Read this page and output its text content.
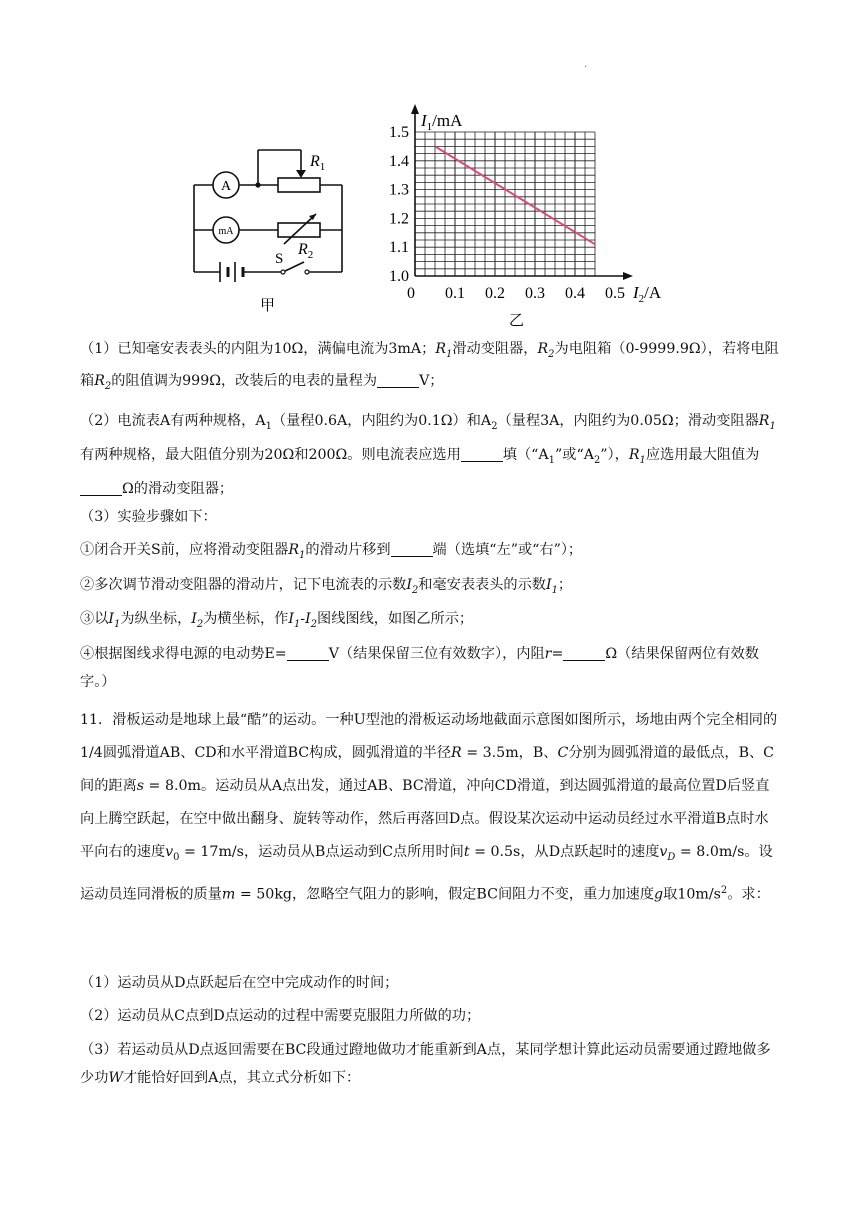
·
A
mA
$R_1$
$R_2$
S
甲
1.0
1.1
1.2
1.3
1.4
1.5
0 0.1 0.2 0.3 0.4 0.5
$I_1/mA$
$I_2/A$
乙
（1）已知毫安表表头的内阻为10Ω，满偏电流为3mA；$R_1$滑动变阻器，$R_2$为电阻箱（0-9999.9Ω），若将电阻箱$R_2$的阻值调为999Ω，改装后的电表的量程为	V；
（2）电流表A有两种规格，$A_1$（量程0.6A，内阻约为0.1Ω）和$A_2$（量程3A，内阻约为0.05Ω；滑动变阻器$R_1$有两种规格，最大阻值分别为20Ω和200Ω。则电流表应选用	填（“$A_1$”或“$A_2$”），$R_1$应选用最大阻值为Ω的滑动变阻器；
（3）实验步骤如下：
①闭合开关S前，应将滑动变阻器$R_1$的滑动片移到	端（选填“左”或“右”）；
②多次调节滑动变阻器的滑动片，记下电流表的示数$I_2$和毫安表表头的示数$I_1$；
③以$I_1$为纵坐标，$I_2$为横坐标，作$I_1-I_2$图线图线，如图乙所示；
④根据图线求得电源的电动势E=	V（结果保留三位有效数字），内阻r=	Ω（结果保留两位有效数字。）

11．滑板运动是地球上最“酷”的运动。一种U型池的滑板运动场地截面示意图如图所示，场地由两个完全相同的1/4圆弧滑道AB、CD和水平滑道BC构成，圆弧滑道的半径R = 3.5m，B、C分别为圆弧滑道的最低点，B、C间的距离s = 8.0m。运动员从A点出发，通过AB、BC滑道，冲向CD滑道，到达圆弧滑道的最高位置D后竖直向上腾空跃起，在空中做出翻身、旋转等动作，然后再落回D点。假设某次运动中运动员经过水平滑道B点时水平向右的速度$v_0 = 17m/s$，运动员从B点运动到C点所用时间t = 0.5s，从D点跃起时的速度$v_D = 8.0m/s$。设运动员连同滑板的质量m = 50kg，忽略空气阻力的影响，假定BC间阻力不变，重力加速度g取$10m/s^2$。求：

（1）运动员从D点跃起后在空中完成动作的时间；
（2）运动员从C点到D点运动的过程中需要克服阻力所做的功；
（3）若运动员从D点返回需要在BC段通过蹬地做功才能重新到A点，某同学想计算此运动员需要通过蹬地做多少功W才能恰好回到A点，其立式分析如下：
